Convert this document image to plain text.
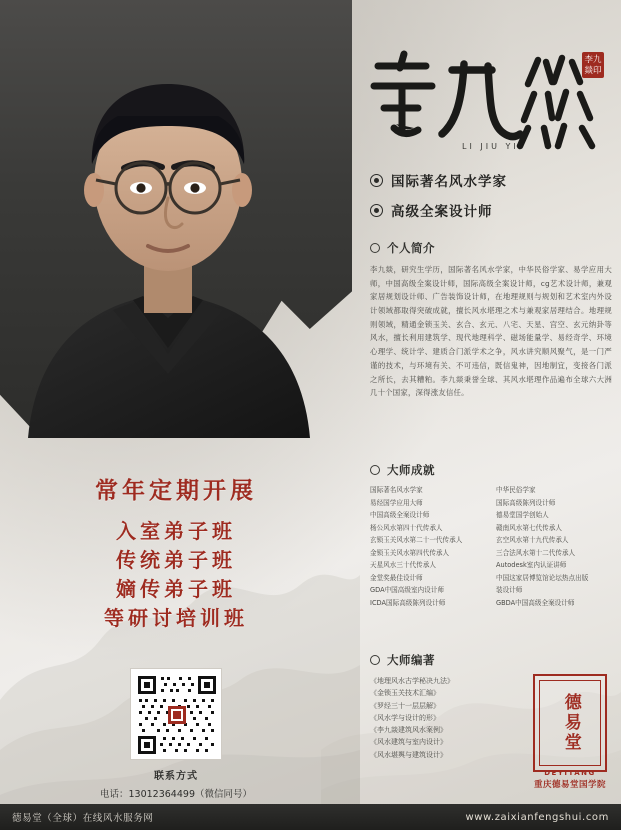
常年定期开展
入室弟子班
传统弟子班
嫡传弟子班
等研讨培训班
联系方式
电话：13012364499（微信同号）
李九
燚印
LI JIU YI
国际著名风水学家
高级全案设计师
个人简介
李九燚，研究生学历，国际著名风水学家，中华民俗学家、易学应用大师，中国高级全案设计师，国际高级全案设计师，cg艺术设计师，兼观家居规划设计师、广告装饰设计师，在地理规则与规划和艺术室内外设计领域都取得突破成就，擅长风水堪理之术与兼观家居理结合。地理规则领域，精通金锁玉关、玄合、玄元、八宅、天星、宫空、玄元纳卦等风水，擅长利用建筑学、现代地理科学、磁场能量学、易经奇学、环境心理学、统计学、建质合门派学术之争，风水讲究顺风聚气，是一门严谨的技术，与环境有关、不可违信，既信鬼神，因地制宜，变接各门派之所长，去其糟粕。李九燚秉誉全球、其风水堪理作品遍布全球六大洲几十个国家，深得涨友信任。
大师成就
国际著名风水学家	中华民俗学家
易经国学应用大师	国际高级陈列设计师
中国高级全案设计师	德易堂国学创始人
杨公风水第四十代传承人	赣南风水第七代传承人
玄锁玉关风水第二十一代传承人	玄空风水第十九代传承人
金锁玉关风水第四代传承人	三合法风水第十二代传承人
天星风水三十代传承人	Autodesk室内认证讲师
金堂奖最佳设计师	中国这家居博览馆论坛热点出版
GDA中国高级室内设计师	装设计师
ICDA国际高级陈列设计师	GBDA中国高级全案设计师
大师编著
《地理风水古学秘决九法》
《金锁玉关技术汇编》
《罗经三十一层层解》
《风水学与设计的形》
《李九燚建筑风水案例》
《风水建筑与室内设计》
《风水堪舆与建筑设计》
德易堂
DEYITANG
重庆德易堂国学院
德易堂（全球）在线风水服务网	www.zaixianfengshui.com
